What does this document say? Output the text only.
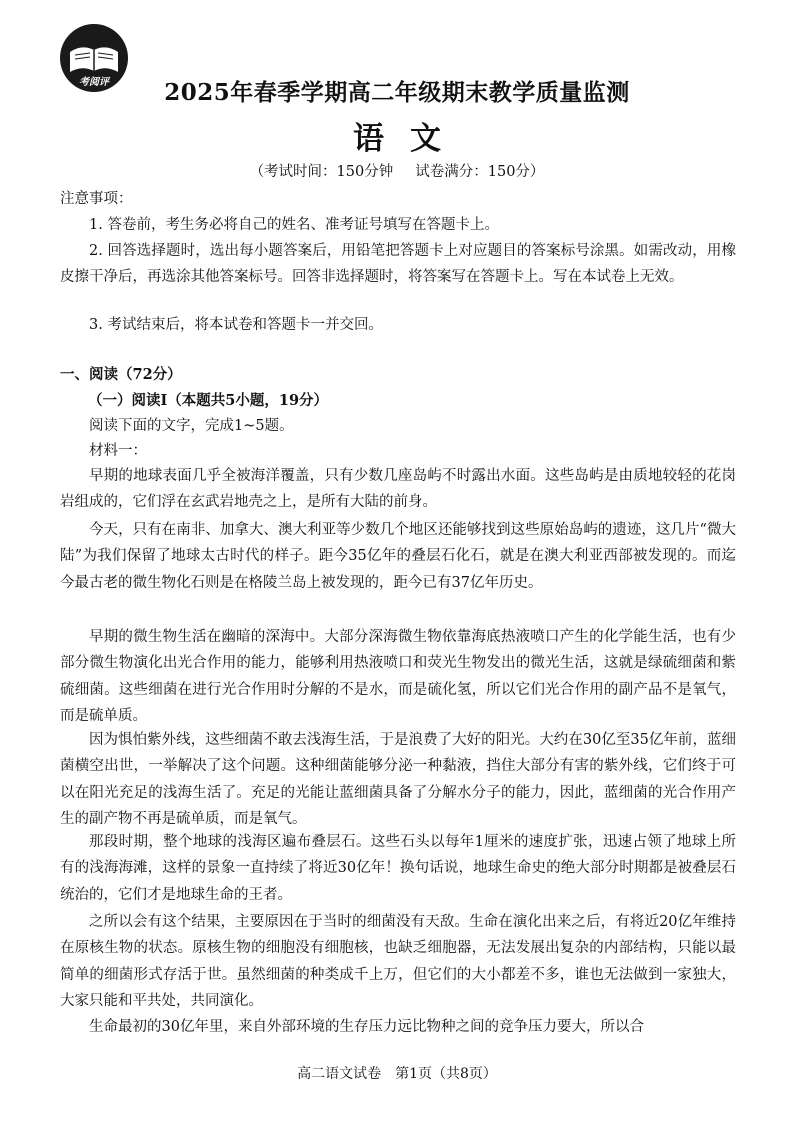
考阅评	2025年春季学期高二年级期末教学质量监测
语文
（考试时间：150分钟 试卷满分：150分）
注意事项：
1. 答卷前，考生务必将自己的姓名、准考证号填写在答题卡上。
2. 回答选择题时，选出每小题答案后，用铅笔把答题卡上对应题目的答案标号涂黑。如需改动，用橡皮擦干净后，再选涂其他答案标号。回答非选择题时，将答案写在答题卡上。写在本试卷上无效。
3. 考试结束后，将本试卷和答题卡一并交回。
一、阅读（72分）
（一）阅读Ⅰ（本题共5小题，19分）
阅读下面的文字，完成1~5题。
材料一：
早期的地球表面几乎全被海洋覆盖，只有少数几座岛屿不时露出水面。这些岛屿是由质地较轻的花岗岩组成的，它们浮在玄武岩地壳之上，是所有大陆的前身。
今天，只有在南非、加拿大、澳大利亚等少数几个地区还能够找到这些原始岛屿的遗迹，这几片“微大陆”为我们保留了地球太古时代的样子。距今35亿年的叠层石化石，就是在澳大利亚西部被发现的。而迄今最古老的微生物化石则是在格陵兰岛上被发现的，距今已有37亿年历史。
早期的微生物生活在幽暗的深海中。大部分深海微生物依靠海底热液喷口产生的化学能生活，也有少部分微生物演化出光合作用的能力，能够利用热液喷口和荧光生物发出的微光生活，这就是绿硫细菌和紫硫细菌。这些细菌在进行光合作用时分解的不是水，而是硫化氢，所以它们光合作用的副产品不是氧气，而是硫单质。
因为惧怕紫外线，这些细菌不敢去浅海生活，于是浪费了大好的阳光。大约在30亿至35亿年前，蓝细菌横空出世，一举解决了这个问题。这种细菌能够分泌一种黏液，挡住大部分有害的紫外线，它们终于可以在阳光充足的浅海生活了。充足的光能让蓝细菌具备了分解水分子的能力，因此，蓝细菌的光合作用产生的副产物不再是硫单质，而是氧气。
那段时期，整个地球的浅海区遍布叠层石。这些石头以每年1厘米的速度扩张，迅速占领了地球上所有的浅海海滩，这样的景象一直持续了将近30亿年！换句话说，地球生命史的绝大部分时期都是被叠层石统治的，它们才是地球生命的王者。
之所以会有这个结果，主要原因在于当时的细菌没有天敌。生命在演化出来之后，有将近20亿年维持在原核生物的状态。原核生物的细胞没有细胞核，也缺乏细胞器，无法发展出复杂的内部结构，只能以最简单的细菌形式存活于世。虽然细菌的种类成千上万，但它们的大小都差不多，谁也无法做到一家独大，大家只能和平共处，共同演化。
生命最初的30亿年里，来自外部环境的生存压力远比物种之间的竞争压力要大，所以合
高二语文试卷　第1页（共8页）
